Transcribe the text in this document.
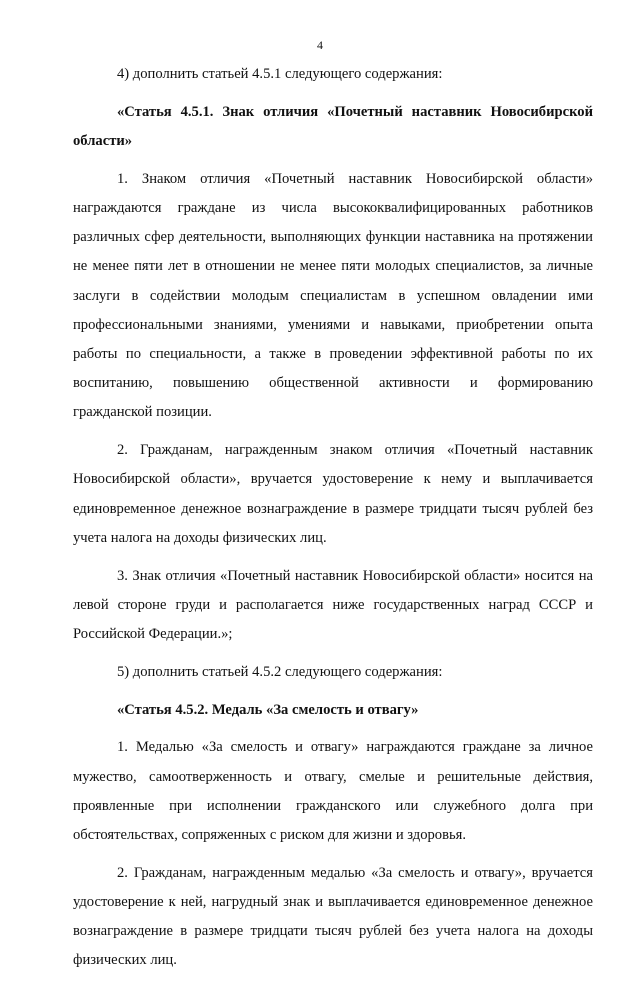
4

4) дополнить статьей 4.5.1 следующего содержания:

«Статья 4.5.1. Знак отличия «Почетный наставник Новосибирской области»

1. Знаком отличия «Почетный наставник Новосибирской области» награждаются граждане из числа высококвалифицированных работников различных сфер деятельности, выполняющих функции наставника на протяжении не менее пяти лет в отношении не менее пяти молодых специалистов, за личные заслуги в содействии молодым специалистам в успешном овладении ими профессиональными знаниями, умениями и навыками, приобретении опыта работы по специальности, а также в проведении эффективной работы по их воспитанию, повышению общественной активности и формированию гражданской позиции.

2. Гражданам, награжденным знаком отличия «Почетный наставник Новосибирской области», вручается удостоверение к нему и выплачивается единовременное денежное вознаграждение в размере тридцати тысяч рублей без учета налога на доходы физических лиц.

3. Знак отличия «Почетный наставник Новосибирской области» носится на левой стороне груди и располагается ниже государственных наград СССР и Российской Федерации.»;

5) дополнить статьей 4.5.2 следующего содержания:

«Статья 4.5.2. Медаль «За смелость и отвагу»

1. Медалью «За смелость и отвагу» награждаются граждане за личное мужество, самоотверженность и отвагу, смелые и решительные действия, проявленные при исполнении гражданского или служебного долга при обстоятельствах, сопряженных с риском для жизни и здоровья.

2. Гражданам, награжденным медалью «За смелость и отвагу», вручается удостоверение к ней, нагрудный знак и выплачивается единовременное денежное вознаграждение в размере тридцати тысяч рублей без учета налога на доходы физических лиц.
